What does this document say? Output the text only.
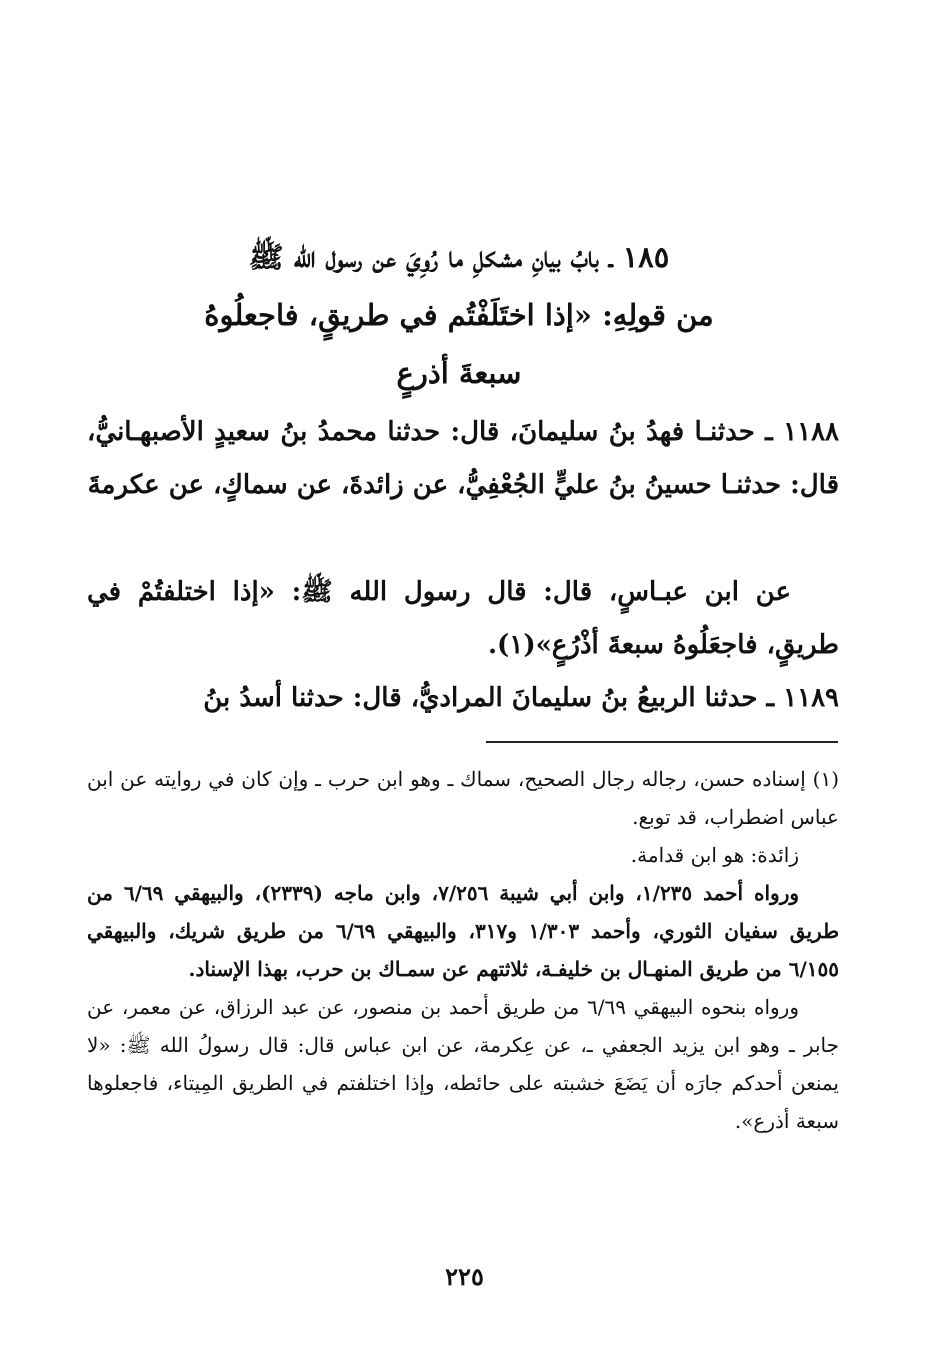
١٨٥ ـ بابُ بيانِ مشكلِ ما رُوِيَ عن رسول الله ﷺ
من قولِهِ: «إذا اختَلَفْتُم في طريقٍ، فاجعلُوهُ
سبعةَ أذرعٍ

١١٨٨ ـ حدثنـا فهدُ بنُ سليمانَ، قال: حدثنا محمدُ بنُ سعيدٍ الأصبهـانيُّ، قال: حدثنـا حسينُ بنُ عليٍّ الجُعْفِيُّ، عن زائدةَ، عن سماكٍ، عن عكرمةَ

عن ابن عبـاسٍ، قال: قال رسول الله ﷺ: «إذا اختلفتُمْ في طريقٍ، فاجعَلُوهُ سبعةَ أذْرُعٍ»(١).

١١٨٩ ـ حدثنا الربيعُ بنُ سليمانَ المراديُّ، قال: حدثنا أسدُ بنُ

(١) إسناده حسن، رجاله رجال الصحيح، سماك ـ وهو ابن حرب ـ وإن كان في روايته عن ابن عباس اضطراب، قد توبع.

زائدة: هو ابن قدامة.

ورواه أحمد ١/٢٣٥، وابن أبي شيبة ٧/٢٥٦، وابن ماجه (٢٣٣٩)، والبيهقي ٦/٦٩ من طريق سفيان الثوري، وأحمد ١/٣٠٣ و٣١٧، والبيهقي ٦/٦٩ من طريق شريك، والبيهقي ٦/١٥٥ من طريق المنهـال بن خليفـة، ثلاثتهم عن سمـاك بن حرب، بهذا الإسناد.

ورواه بنحوه البيهقي ٦/٦٩ من طريق أحمد بن منصور، عن عبد الرزاق، عن معمر، عن جابر ـ وهو ابن يزيد الجعفي ـ، عن عِكرمة، عن ابن عباس قال: قال رسولُ الله ﷺ: «لا يمنعن أحدكم جارَه أن يَضَعَ خشبته على حائطه، وإذا اختلفتم في الطريق المِيتاء، فاجعلوها سبعة أذرع».

٢٢٥
